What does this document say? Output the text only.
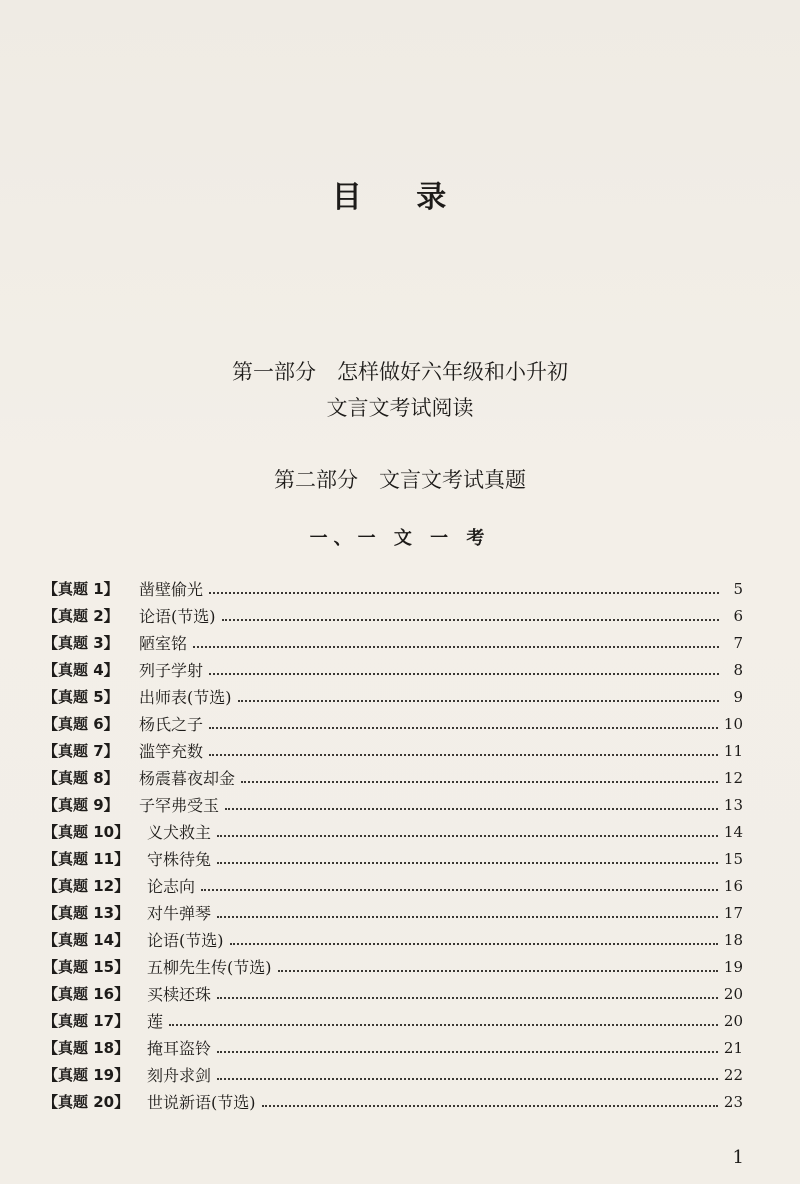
目 录
第一部分　怎样做好六年级和小升初
文言文考试阅读
第二部分　文言文考试真题
一、一 文 一 考
【真题 1】	凿壁偷光	5
【真题 2】	论语(节选)	6
【真题 3】	陋室铭	7
【真题 4】	列子学射	8
【真题 5】	出师表(节选)	9
【真题 6】	杨氏之子	10
【真题 7】	滥竽充数	11
【真题 8】	杨震暮夜却金	12
【真题 9】	子罕弗受玉	13
【真题 10】	义犬救主	14
【真题 11】	守株待兔	15
【真题 12】	论志向	16
【真题 13】	对牛弹琴	17
【真题 14】	论语(节选)	18
【真题 15】	五柳先生传(节选)	19
【真题 16】	买椟还珠	20
【真题 17】	莲	20
【真题 18】	掩耳盗铃	21
【真题 19】	刻舟求剑	22
【真题 20】	世说新语(节选)	23
1
